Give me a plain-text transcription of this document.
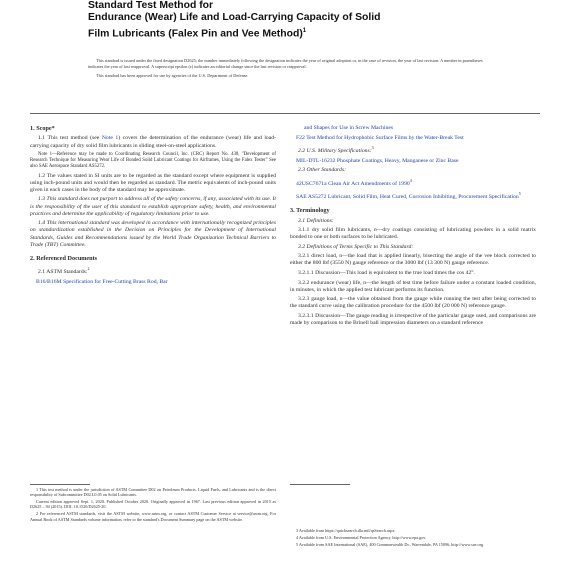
Standard Test Method for
Endurance (Wear) Life and Load-Carrying Capacity of Solid
Film Lubricants (Falex Pin and Vee Method)$^1$
This standard is issued under the fixed designation D2625; the number immediately following the designation indicates the year of original adoption or, in the case of revision, the year of last revision. A number in parentheses indicates the year of last reapproval. A superscript epsilon (ε) indicates an editorial change since the last revision or reapproval.
This standard has been approved for use by agencies of the U.S. Department of Defense.
1. Scope*

1.1 This test method (see Note 1) covers the determination of the endurance (wear) life and load-carrying capacity of dry solid film lubricants in sliding steel-on-steel applications.

Note 1—Reference may be made to Coordinating Research Council, Inc. (CRC) Report No. 438, "Development of Research Technique for Measuring Wear Life of Bonded Solid Lubricant Coatings for Airframes, Using the Falex Tester" See also SAE Aerospace Standard AS5272.

1.2 The values stated in SI units are to be regarded as the standard except where equipment is supplied using inch-pound units and would then be regarded as standard. The metric equivalents of inch-pound units given in each cases in the body of the standard may be approximate.

1.3 This standard does not purport to address all of the safety concerns, if any, associated with its use. It is the responsibility of the user of this standard to establish appropriate safety, health, and environmental practices and determine the applicability of regulatory limitations prior to use.

1.4 This international standard was developed in accordance with internationally recognized principles on standardization established in the Decision on Principles for the Development of International Standards, Guides and Recommendations issued by the World Trade Organization Technical Barriers to Trade (TBT) Committee.

2. Referenced Documents

2.1 ASTM Standards:$^2$

B16/B16M Specification for Free-Cutting Brass Rod, Bar

and Shapes for Use in Screw Machines

F22 Test Method for Hydrophobic Surface Films by the Water-Break Test

2.2 U.S. Military Specifications:$^3$

MIL-DTL-16232 Phosphate Coatings, Heavy, Manganese or Zinc Base

2.3 Other Standards:

42USC7671a Clean Air Act Amendments of 1990$^4$

SAE AS5272 Lubricant, Solid Film, Heat Cured, Corrosion Inhibiting, Procurement Specification$^5$

3. Terminology

3.1 Definitions:

3.1.1 dry solid film lubricants, n—dry coatings consisting of lubricating powders in a solid matrix bonded to one or both surfaces to be lubricated.

3.2 Definitions of Terms Specific to This Standard:

3.2.1 direct load, n—the load that is applied linearly, bisecting the angle of the vee block corrected to either the 800 lbf (3550 N) gauge reference or the 3000 lbf (13 300 N) gauge reference.

3.2.1.1 Discussion—This load is equivalent to the true load times the cos 42°.

3.2.2 endurance (wear) life, n—the length of test time before failure under a constant loaded condition, in minutes, in which the applied test lubricant performs its function.

3.2.3 gauge load, n—the value obtained from the gauge while running the test after being corrected to the standard curve using the calibration procedure for the 4500 lbf (20 000 N) reference gauge.

3.2.3.1 Discussion—The gauge reading is irrespective of the particular gauge used, and comparisons are made by comparison to the Brinell ball impression diameters on a standard reference

1 This test method is under the jurisdiction of ASTM Committee D02 on Petroleum Products, Liquid Fuels, and Lubricants and is the direct responsibility of Subcommittee D02.L0.05 on Solid Lubricants.

Current edition approved Sept. 1, 2020. Published October 2020. Originally approved in 1967. Last previous edition approved in 2015 as D2625 – 94 (2015). DOI: 10.1520/D2625-20.

2 For referenced ASTM standards, visit the ASTM website, www.astm.org, or contact ASTM Customer Service at service@astm.org. For Annual Book of ASTM Standards volume information, refer to the standard's Document Summary page on the ASTM website.

3 Available from https://quicksearch.dla.mil/qsSearch.aspx.

4 Available from U.S. Environmental Protection Agency, http://www.epa.gov.

5 Available from SAE International (SAE), 400 Commonwealth Dr., Warrendale, PA 15096, http://www.sae.org.
